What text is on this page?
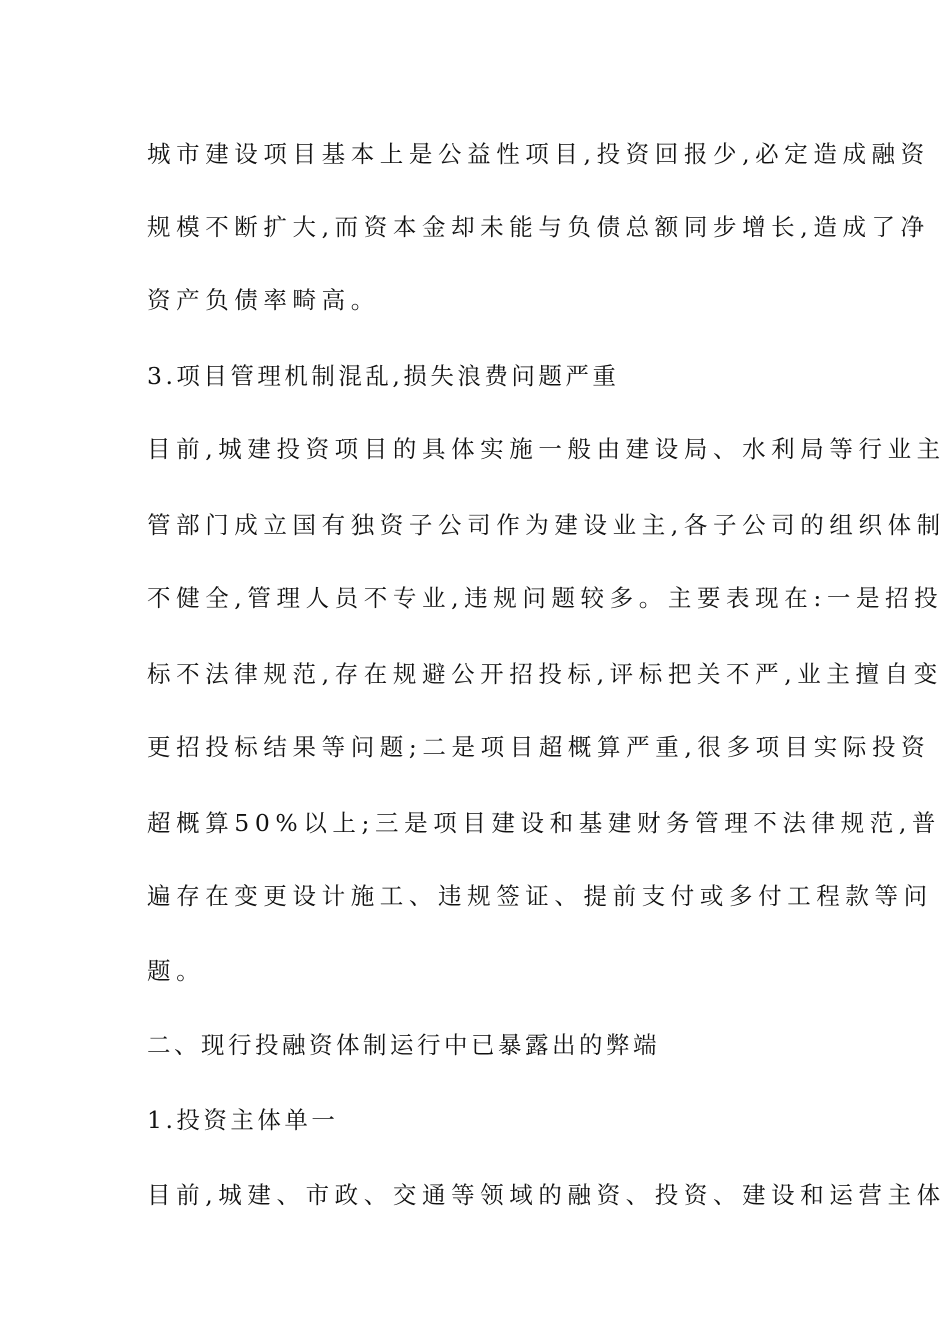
城市建设项目基本上是公益性项目,投资回报少,必定造成融资
规模不断扩大,而资本金却未能与负债总额同步增长,造成了净
资产负债率畸高。
3.项目管理机制混乱,损失浪费问题严重
目前,城建投资项目的具体实施一般由建设局、水利局等行业主
管部门成立国有独资子公司作为建设业主,各子公司的组织体制
不健全,管理人员不专业,违规问题较多。主要表现在:一是招投
标不法律规范,存在规避公开招投标,评标把关不严,业主擅自变
更招投标结果等问题;二是项目超概算严重,很多项目实际投资
超概算50%以上;三是项目建设和基建财务管理不法律规范,普
遍存在变更设计施工、违规签证、提前支付或多付工程款等问
题。
二、现行投融资体制运行中已暴露出的弊端
1.投资主体单一
目前,城建、市政、交通等领域的融资、投资、建设和运营主体
